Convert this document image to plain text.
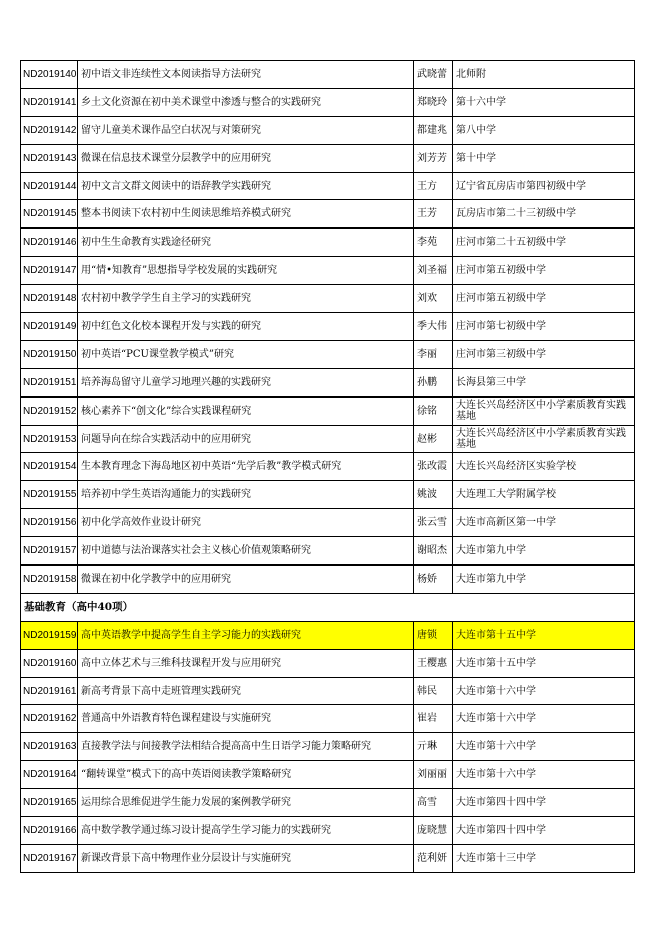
ND2019140	初中语文非连续性文本阅读指导方法研究	武晓蕾	北师附
ND2019141	乡土文化资源在初中美术课堂中渗透与整合的实践研究	郑晓玲	第十六中学
ND2019142	留守儿童美术课作品空白状况与对策研究	都建兆	第八中学
ND2019143	微课在信息技术课堂分层教学中的应用研究	刘芳芳	第十中学
ND2019144	初中文言文群文阅读中的语辞教学实践研究	王方	辽宁省瓦房店市第四初级中学
ND2019145	整本书阅读下农村初中生阅读思维培养模式研究	王芳	瓦房店市第二十三初级中学
ND2019146	初中生生命教育实践途径研究	李苑	庄河市第二十五初级中学
ND2019147	用“情•知教育”思想指导学校发展的实践研究	刘圣福	庄河市第五初级中学
ND2019148	农村初中教学学生自主学习的实践研究	刘欢	庄河市第五初级中学
ND2019149	初中红色文化校本课程开发与实践的研究	季大伟	庄河市第七初级中学
ND2019150	初中英语“PCU课堂教学模式”研究	李丽	庄河市第三初级中学
ND2019151	培养海岛留守儿童学习地理兴趣的实践研究	孙鹏	长海县第三中学
ND2019152	核心素养下“创文化”综合实践课程研究	徐铭	大连长兴岛经济区中小学素质教育实践基地
ND2019153	问题导向在综合实践活动中的应用研究	赵彬	大连长兴岛经济区中小学素质教育实践基地
ND2019154	生本教育理念下海岛地区初中英语“先学后教”教学模式研究	张改霞	大连长兴岛经济区实验学校
ND2019155	培养初中学生英语沟通能力的实践研究	姚波	大连理工大学附属学校
ND2019156	初中化学高效作业设计研究	张云雪	大连市高新区第一中学
ND2019157	初中道德与法治课落实社会主义核心价值观策略研究	谢昭杰	大连市第九中学
ND2019158	微课在初中化学教学中的应用研究	杨娇	大连市第九中学
基础教育（高中40项）			
ND2019159	高中英语教学中提高学生自主学习能力的实践研究	唐锁	大连市第十五中学
ND2019160	高中立体艺术与三维科技课程开发与应用研究	王樱惠	大连市第十五中学
ND2019161	新高考背景下高中走班管理实践研究	韩民	大连市第十六中学
ND2019162	普通高中外语教育特色课程建设与实施研究	崔岩	大连市第十六中学
ND2019163	直接教学法与间接教学法相结合提高高中生日语学习能力策略研究	亓琳	大连市第十六中学
ND2019164	“翻转课堂”模式下的高中英语阅读教学策略研究	刘丽丽	大连市第十六中学
ND2019165	运用综合思维促进学生能力发展的案例教学研究	高雪	大连市第四十四中学
ND2019166	高中数学教学通过练习设计提高学生学习能力的实践研究	庞晓慧	大连市第四十四中学
ND2019167	新课改背景下高中物理作业分层设计与实施研究	范利妍	大连市第十三中学
